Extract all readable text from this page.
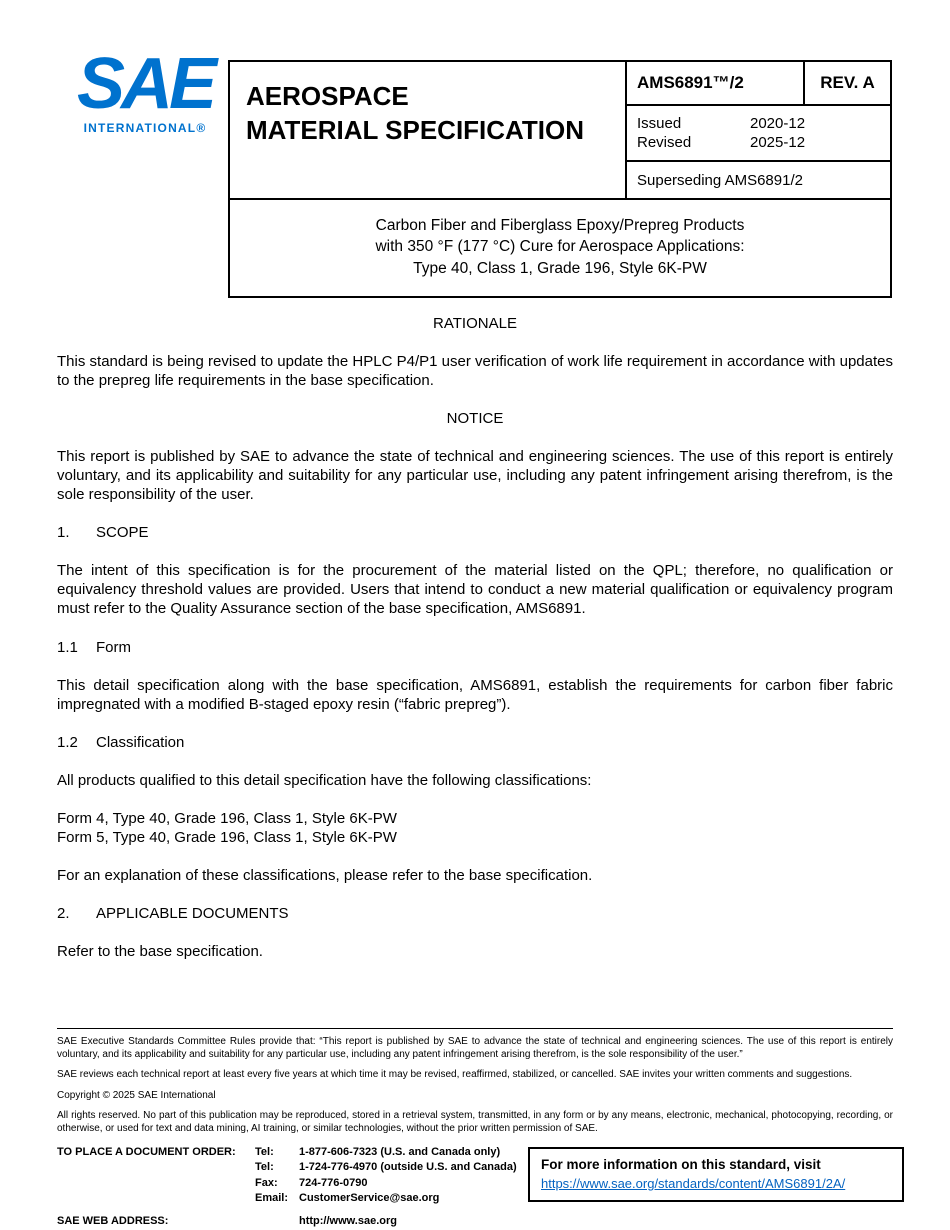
SAE
INTERNATIONAL®
AEROSPACE
MATERIAL SPECIFICATION
AMS6891™/2	REV. A
Issued	2020-12
Revised	2025-12
Superseding AMS6891/2
Carbon Fiber and Fiberglass Epoxy/Prepreg Products
with 350 °F (177 °C) Cure for Aerospace Applications:
Type 40, Class 1, Grade 196, Style 6K-PW
RATIONALE

This standard is being revised to update the HPLC P4/P1 user verification of work life requirement in accordance with updates to the prepreg life requirements in the base specification.

NOTICE

This report is published by SAE to advance the state of technical and engineering sciences. The use of this report is entirely voluntary, and its applicability and suitability for any particular use, including any patent infringement arising therefrom, is the sole responsibility of the user.

1. SCOPE

The intent of this specification is for the procurement of the material listed on the QPL; therefore, no qualification or equivalency threshold values are provided. Users that intend to conduct a new material qualification or equivalency program must refer to the Quality Assurance section of the base specification, AMS6891.

1.1 Form

This detail specification along with the base specification, AMS6891, establish the requirements for carbon fiber fabric impregnated with a modified B-staged epoxy resin (“fabric prepreg”).

1.2 Classification

All products qualified to this detail specification have the following classifications:

Form 4, Type 40, Grade 196, Class 1, Style 6K-PW
Form 5, Type 40, Grade 196, Class 1, Style 6K-PW

For an explanation of these classifications, please refer to the base specification.

2. APPLICABLE DOCUMENTS

Refer to the base specification.

SAE Executive Standards Committee Rules provide that: “This report is published by SAE to advance the state of technical and engineering sciences. The use of this report is entirely voluntary, and its applicability and suitability for any particular use, including any patent infringement arising therefrom, is the sole responsibility of the user.”

SAE reviews each technical report at least every five years at which time it may be revised, reaffirmed, stabilized, or cancelled. SAE invites your written comments and suggestions.

Copyright © 2025 SAE International

All rights reserved. No part of this publication may be reproduced, stored in a retrieval system, transmitted, in any form or by any means, electronic, mechanical, photocopying, recording, or otherwise, or used for text and data mining, AI training, or similar technologies, without the prior written permission of SAE.

TO PLACE A DOCUMENT ORDER:	Tel:	1-877-606-7323 (U.S. and Canada only)
Tel:	1-724-776-4970 (outside U.S. and Canada)
Fax:	724-776-0790
Email: CustomerService@sae.org
SAE WEB ADDRESS:	http://www.sae.org
For more information on this standard, visit
https://www.sae.org/standards/content/AMS6891/2A/
